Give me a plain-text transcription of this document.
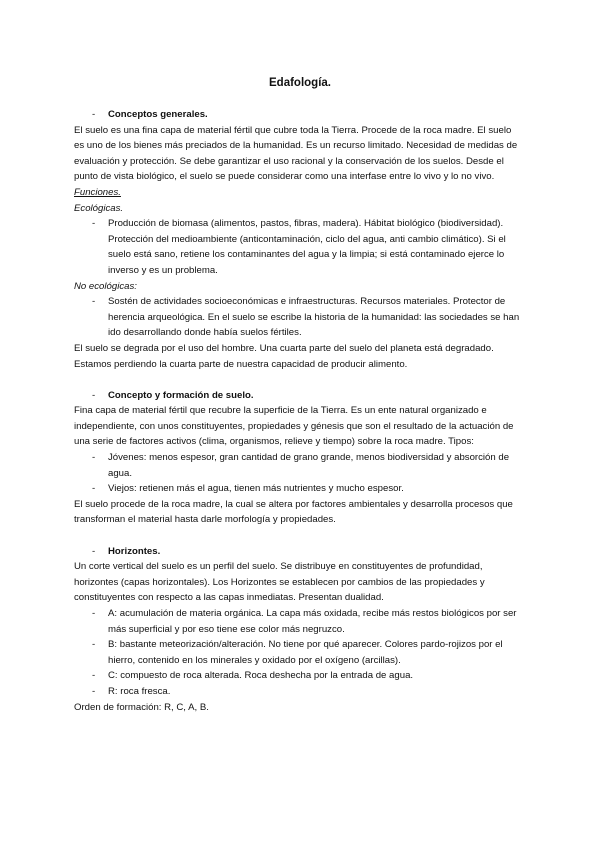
Edafología.

- Conceptos generales.

El suelo es una fina capa de material fértil que cubre toda la Tierra. Procede de la roca madre. El suelo es uno de los bienes más preciados de la humanidad. Es un recurso limitado. Necesidad de medidas de evaluación y protección. Se debe garantizar el uso racional y la conservación de los suelos. Desde el punto de vista biológico, el suelo se puede considerar como una interfase entre lo vivo y lo no vivo.

Funciones.

Ecológicas.

- Producción de biomasa (alimentos, pastos, fibras, madera). Hábitat biológico (biodiversidad). Protección del medioambiente (anticontaminación, ciclo del agua, anti cambio climático). Si el suelo está sano, retiene los contaminantes del agua y la limpia; si está contaminado ejerce lo inverso y es un problema.

No ecológicas:

- Sostén de actividades socioeconómicas e infraestructuras. Recursos materiales. Protector de herencia arqueológica. En el suelo se escribe la historia de la humanidad: las sociedades se han ido desarrollando donde había suelos fértiles.

El suelo se degrada por el uso del hombre. Una cuarta parte del suelo del planeta está degradado. Estamos perdiendo la cuarta parte de nuestra capacidad de producir alimento.

- Concepto y formación de suelo.

Fina capa de material fértil que recubre la superficie de la Tierra. Es un ente natural organizado e independiente, con unos constituyentes, propiedades y génesis que son el resultado de la actuación de una serie de factores activos (clima, organismos, relieve y tiempo) sobre la roca madre. Tipos:

- Jóvenes: menos espesor, gran cantidad de grano grande, menos biodiversidad y absorción de agua.

- Viejos: retienen más el agua, tienen más nutrientes y mucho espesor.

El suelo procede de la roca madre, la cual se altera por factores ambientales y desarrolla procesos que transforman el material hasta darle morfología y propiedades.

- Horizontes.

Un corte vertical del suelo es un perfil del suelo. Se distribuye en constituyentes de profundidad, horizontes (capas horizontales). Los Horizontes se establecen por cambios de las propiedades y constituyentes con respecto a las capas inmediatas. Presentan dualidad.

- A: acumulación de materia orgánica. La capa más oxidada, recibe más restos biológicos por ser más superficial y por eso tiene ese color más negruzco.

- B: bastante meteorización/alteración. No tiene por qué aparecer. Colores pardo-rojizos por el hierro, contenido en los minerales y oxidado por el oxígeno (arcillas).

- C: compuesto de roca alterada. Roca deshecha por la entrada de agua.

- R: roca fresca.

Orden de formación: R, C, A, B.
